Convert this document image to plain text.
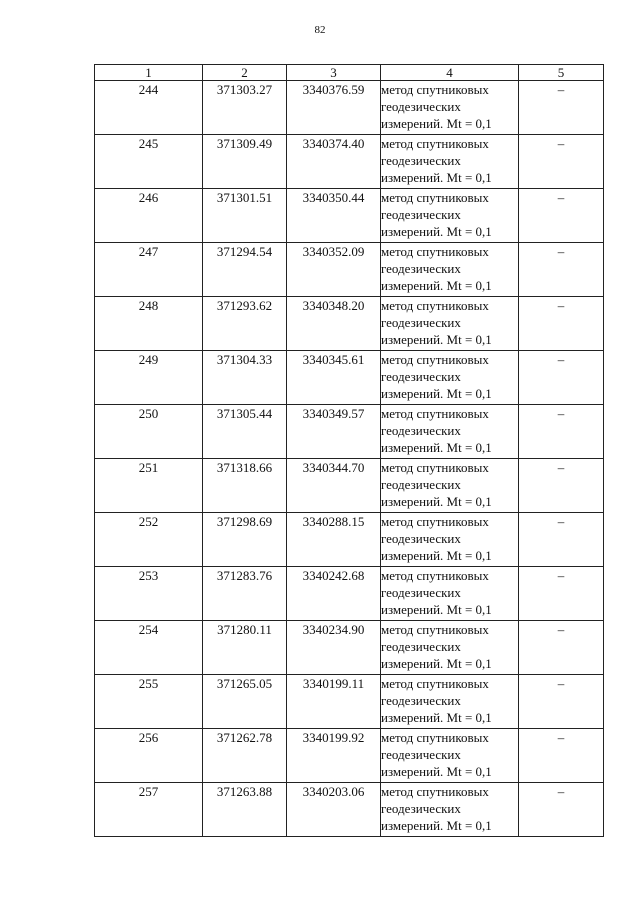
82
1	2	3	4	5
244	371303.27	3340376.59	метод спутниковых
геодезических
измерений. Mt = 0,1	–
245	371309.49	3340374.40	метод спутниковых
геодезических
измерений. Mt = 0,1	–
246	371301.51	3340350.44	метод спутниковых
геодезических
измерений. Mt = 0,1	–
247	371294.54	3340352.09	метод спутниковых
геодезических
измерений. Mt = 0,1	–
248	371293.62	3340348.20	метод спутниковых
геодезических
измерений. Mt = 0,1	–
249	371304.33	3340345.61	метод спутниковых
геодезических
измерений. Mt = 0,1	–
250	371305.44	3340349.57	метод спутниковых
геодезических
измерений. Mt = 0,1	–
251	371318.66	3340344.70	метод спутниковых
геодезических
измерений. Mt = 0,1	–
252	371298.69	3340288.15	метод спутниковых
геодезических
измерений. Mt = 0,1	–
253	371283.76	3340242.68	метод спутниковых
геодезических
измерений. Mt = 0,1	–
254	371280.11	3340234.90	метод спутниковых
геодезических
измерений. Mt = 0,1	–
255	371265.05	3340199.11	метод спутниковых
геодезических
измерений. Mt = 0,1	–
256	371262.78	3340199.92	метод спутниковых
геодезических
измерений. Mt = 0,1	–
257	371263.88	3340203.06	метод спутниковых
геодезических
измерений. Mt = 0,1	–
